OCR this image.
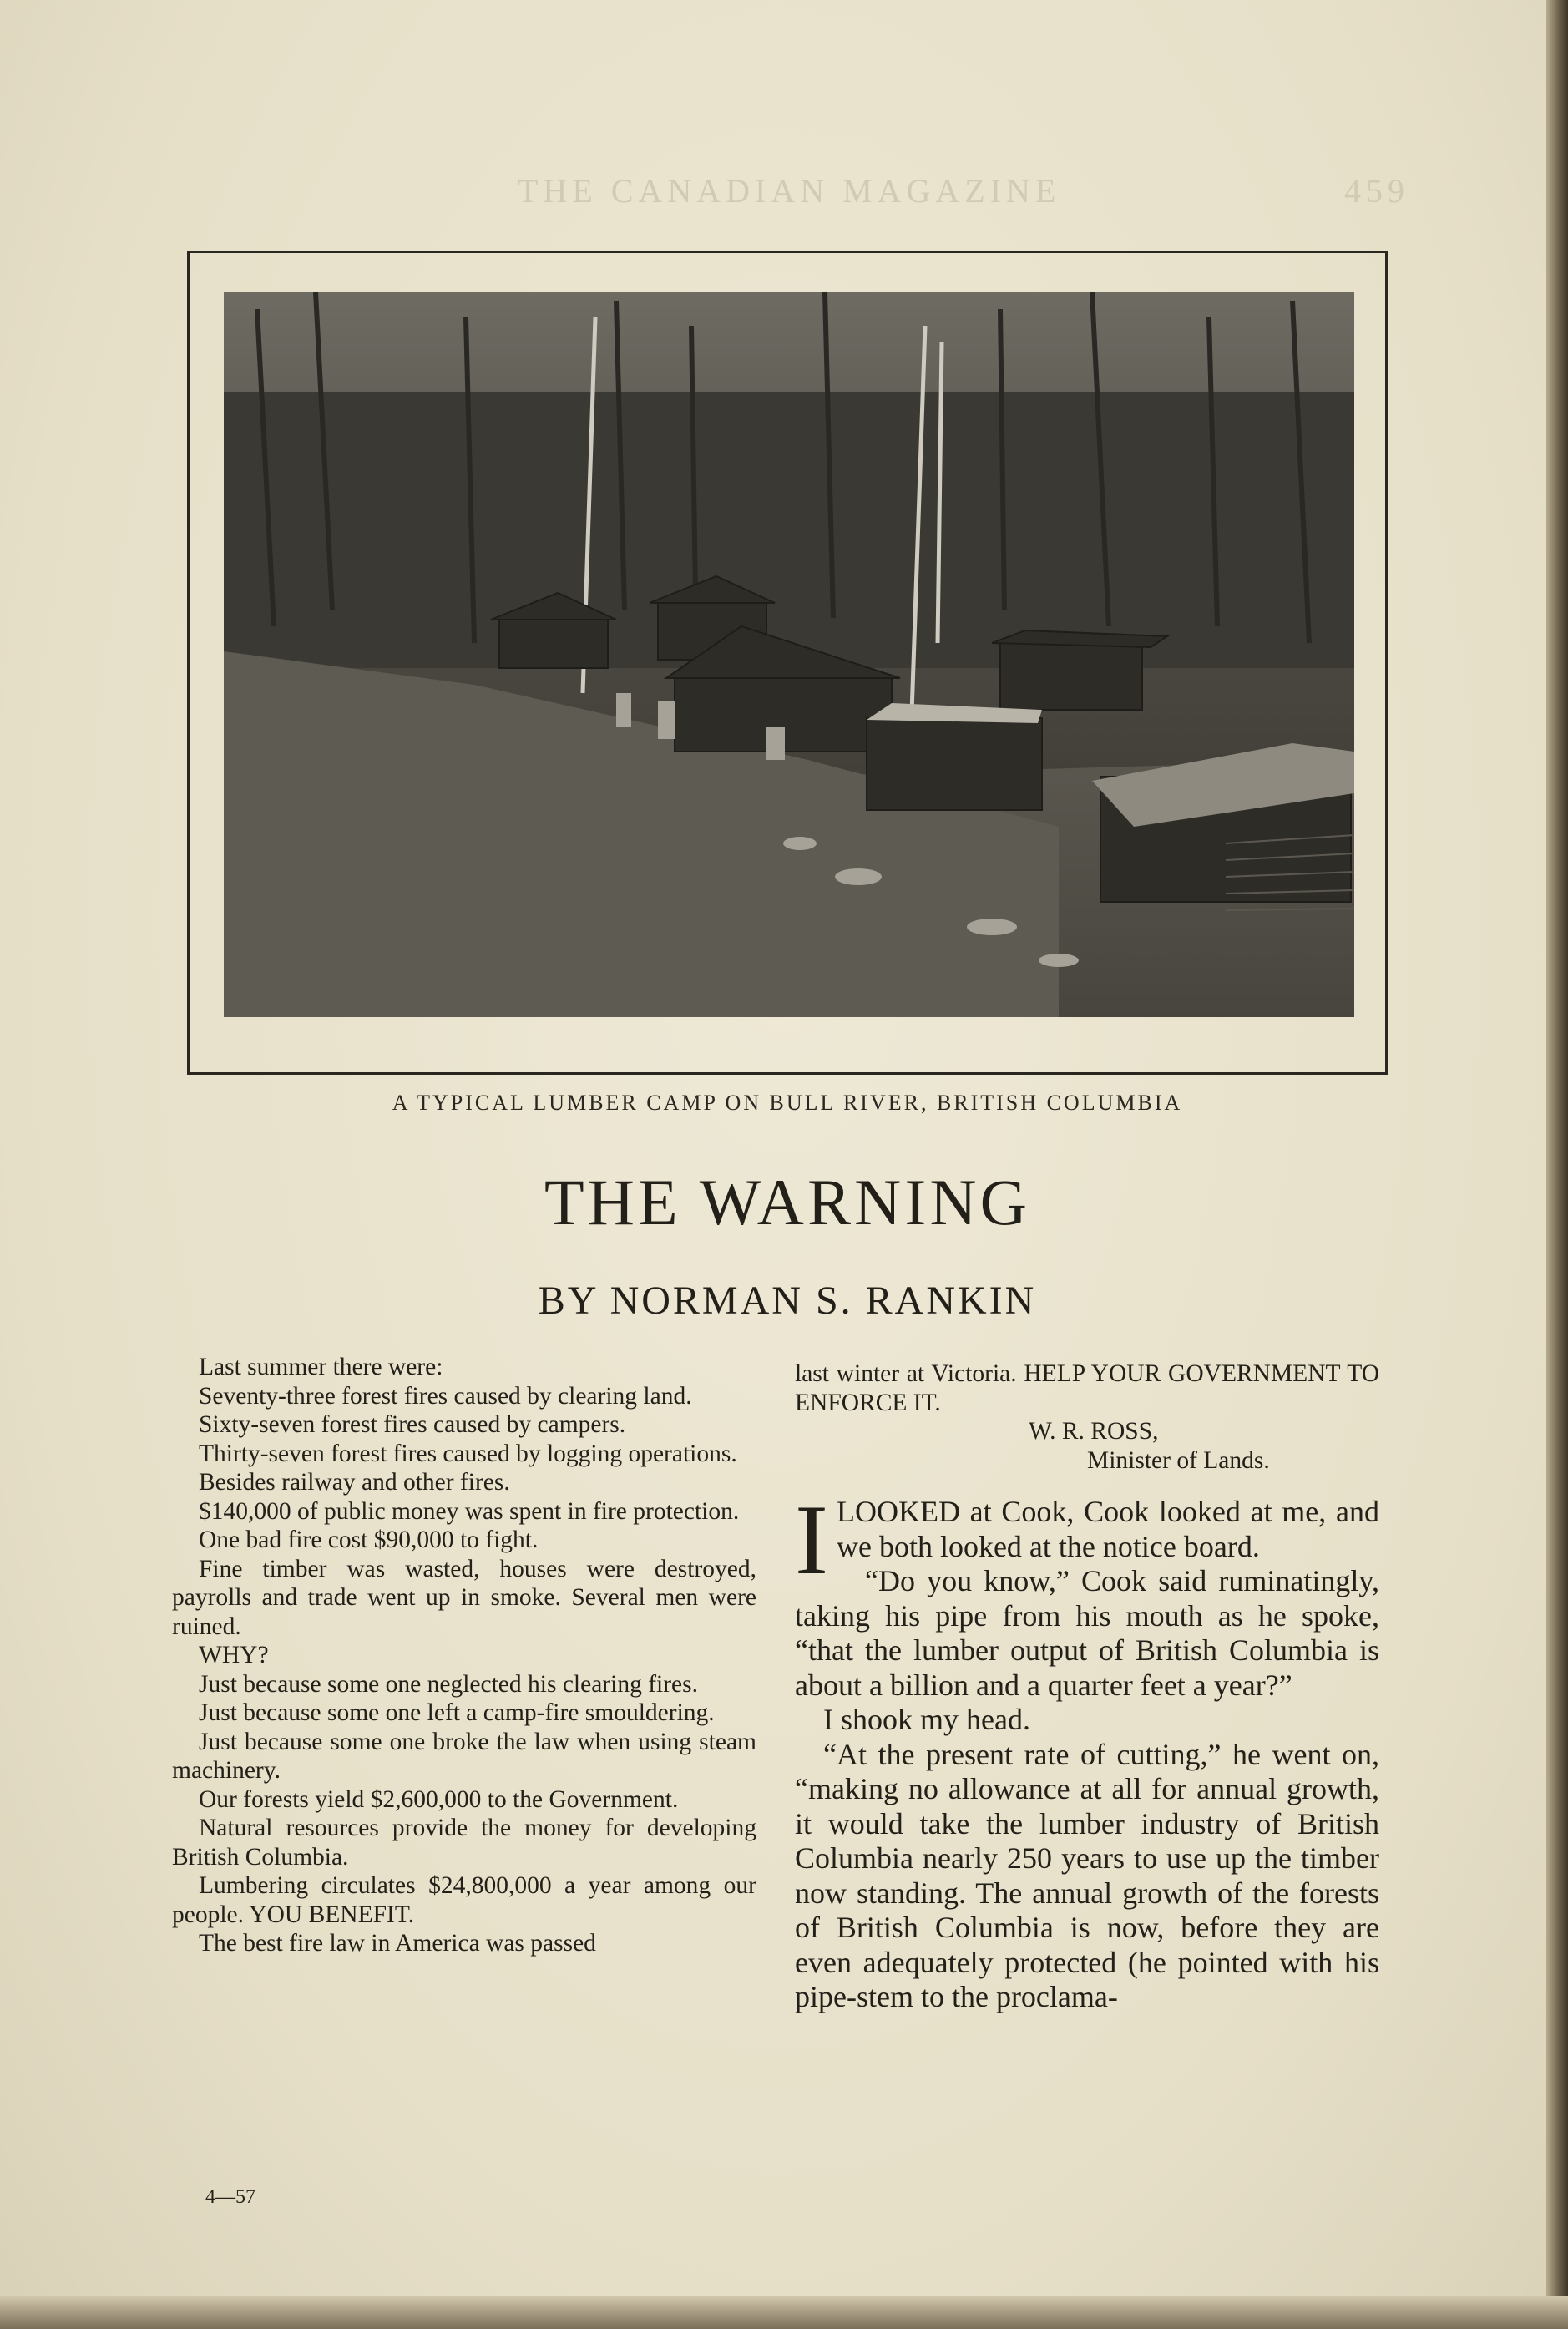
THE CANADIAN MAGAZINE	459
A TYPICAL LUMBER CAMP ON BULL RIVER, BRITISH COLUMBIA
THE WARNING
BY NORMAN S. RANKIN

Last summer there were:

Seventy-three forest fires caused by clearing land.

Sixty-seven forest fires caused by campers.

Thirty-seven forest fires caused by logging operations.

Besides railway and other fires.

$140,000 of public money was spent in fire protection.

One bad fire cost $90,000 to fight.

Fine timber was wasted, houses were destroyed, payrolls and trade went up in smoke. Several men were ruined.

WHY?

Just because some one neglected his clearing fires.

Just because some one left a camp-fire smouldering.

Just because some one broke the law when using steam machinery.

Our forests yield $2,600,000 to the Government.

Natural resources provide the money for developing British Columbia.

Lumbering circulates $24,800,000 a year among our people. YOU BENEFIT.

The best fire law in America was passed

4—57

last winter at Victoria. HELP YOUR GOVERNMENT TO ENFORCE IT.

W. R. ROSS,
Minister of Lands.

ILOOKED at Cook, Cook looked at me, and we both looked at the notice board.

“Do you know,” Cook said ruminatingly, taking his pipe from his mouth as he spoke, “that the lumber output of British Columbia is about a billion and a quarter feet a year?”

I shook my head.

“At the present rate of cutting,” he went on, “making no allowance at all for annual growth, it would take the lumber industry of British Columbia nearly 250 years to use up the timber now standing. The annual growth of the forests of British Columbia is now, before they are even adequately protected (he pointed with his pipe-stem to the proclama-
